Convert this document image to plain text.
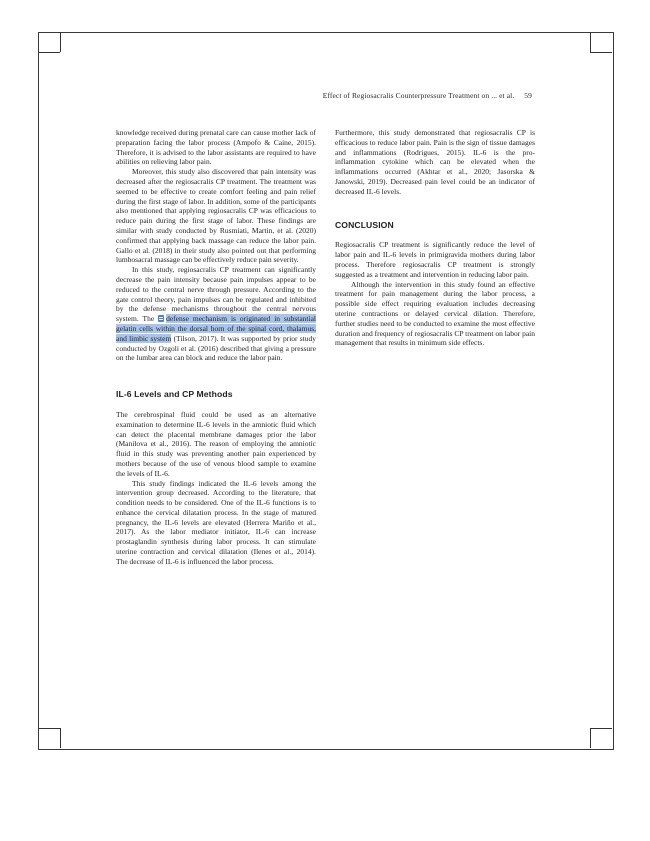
Effect of Regiosacralis Counterpressure Treatment on ... et al. 59

knowledge received during prenatal care can cause mother lack of preparation facing the labor process (Ampofo & Caine, 2015). Therefore, it is advised to the labor assistants are required to have abilities on relieving labor pain.

Moreover, this study also discovered that pain intensity was decreased after the regiosacralis CP treatment. The treatment was seemed to be effective to create comfort feeling and pain relief during the first stage of labor. In addition, some of the participants also mentioned that applying regiosacralis CP was efficacious to reduce pain during the first stage of labor. These findings are similar with study conducted by Rusmiati, Martin, et al. (2020) confirmed that applying back massage can reduce the labor pain. Gallo et al. (2018) in their study also pointed out that performing lumbosacral massage can be effectively reduce pain severity.

In this study, regiosacralis CP treatment can significantly decrease the pain intensity because pain impulses appear to be reduced to the central nerve through pressure. According to the gate control theory, pain impulses can be regulated and inhibited by the defense mechanisms throughout the central nervous system. The defense mechanism is originated in substantial gelatin cells within the dorsal horn of the spinal cord, thalamus, and limbic system (Tilson, 2017). It was supported by prior study conducted by Ozgoli et al. (2016) described that giving a pressure on the lumbar area can block and reduce the labor pain.

IL-6 Levels and CP Methods

The cerebrospinal fluid could be used as an alternative examination to determine IL-6 levels in the amniotic fluid which can detect the placental membrane damages prior the labor (Manilova et al., 2016). The reason of employing the amniotic fluid in this study was preventing another pain experienced by mothers because of the use of venous blood sample to examine the levels of IL-6.

This study findings indicated the IL-6 levels among the intervention group decreased. According to the literature, that condition needs to be considered. One of the IL-6 functions is to enhance the cervical dilatation process. In the stage of matured pregnancy, the IL-6 levels are elevated (Herrera Mariño et al., 2017). As the labor mediator initiator, IL-6 can increase prostaglandin synthesis during labor process. It can stimulate uterine contraction and cervical dilatation (Ilenes et al., 2014). The decrease of IL-6 is influenced the labor process.

Furthermore, this study demonstrated that regiosacralis CP is efficacious to reduce labor pain. Pain is the sign of tissue damages and inflammations (Rodrigues, 2015). IL-6 is the pro-inflammation cytokine which can be elevated when the inflammations occurred (Akhtar et al., 2020; Jasorska & Janowski, 2019). Decreased pain level could be an indicator of decreased IL-6 levels.

CONCLUSION

Regiosacralis CP treatment is significantly reduce the level of labor pain and IL-6 levels in primigravida mothers during labor process. Therefore regiosacralis CP treatment is strongly suggested as a treatment and intervention in reducing labor pain.

Although the intervention in this study found an effective treatment for pain management during the labor process, a possible side effect requiring evaluation includes decreasing uterine contractions or delayed cervical dilation. Therefore, further studies need to be conducted to examine the most effective duration and frequency of regiosacralis CP treatment on labor pain management that results in minimum side effects.
